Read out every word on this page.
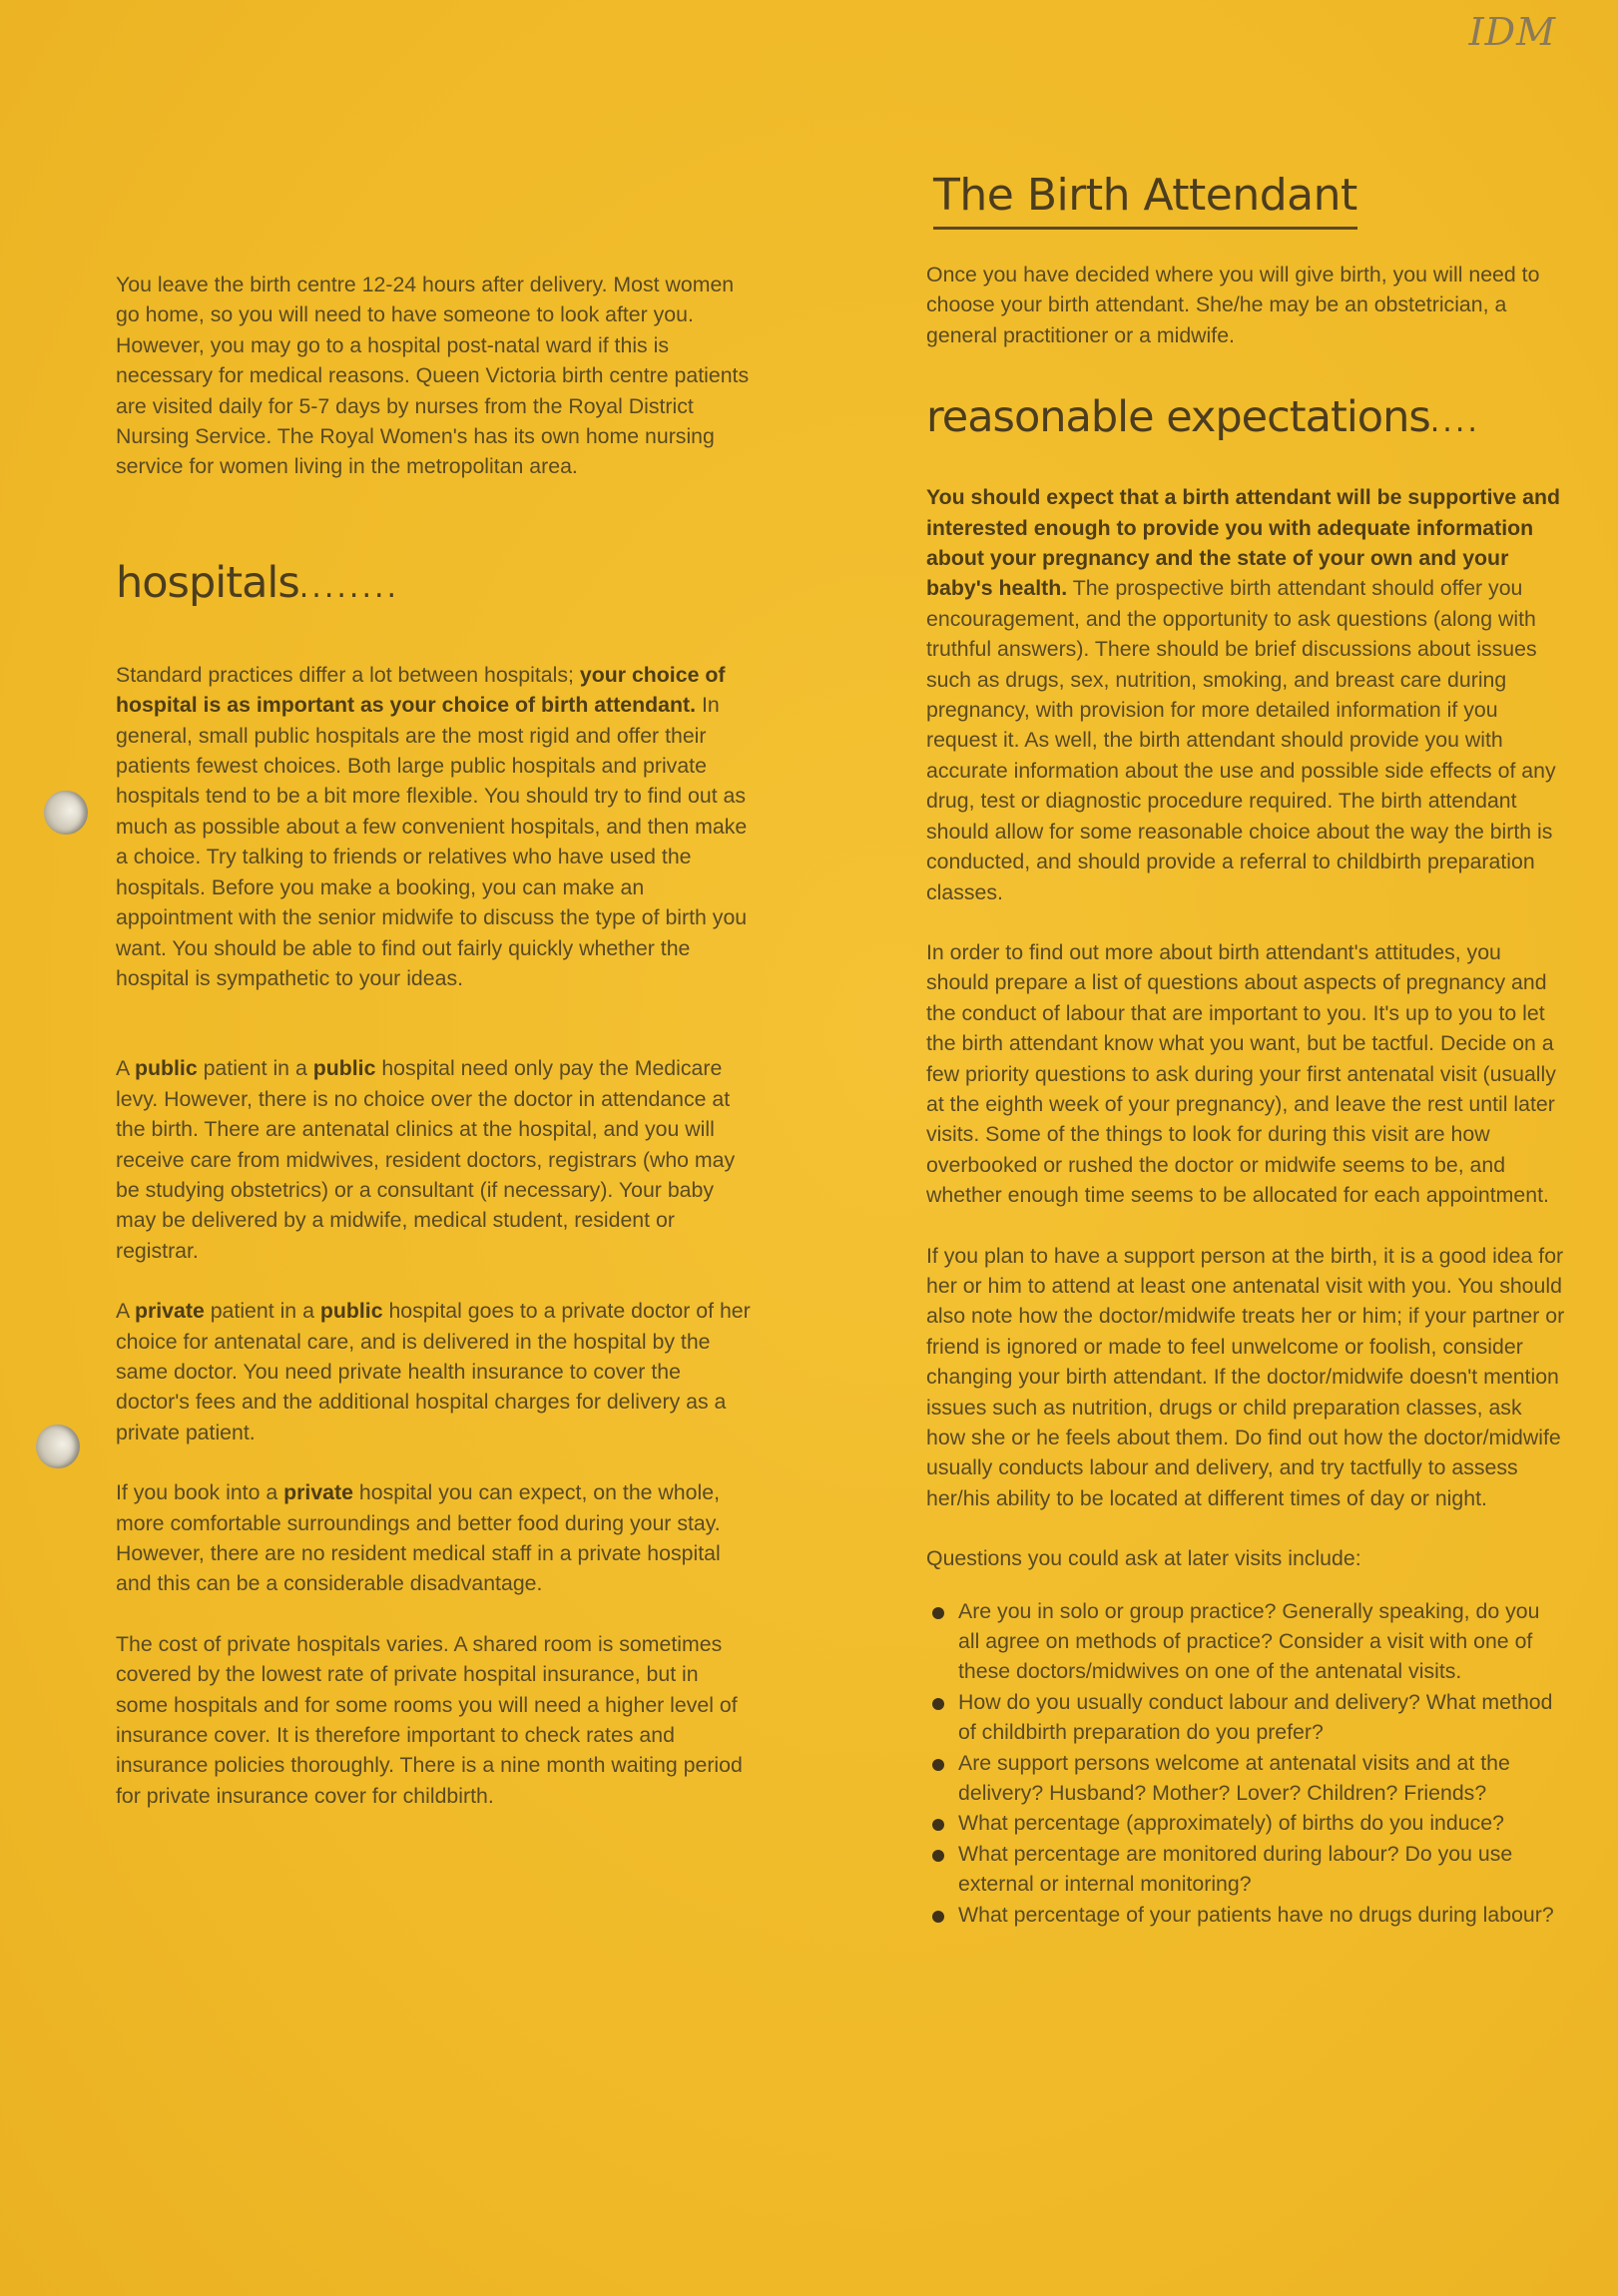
IDM

You leave the birth centre 12-24 hours after delivery. Most women go home, so you will need to have someone to look after you. However, you may go to a hospital post-natal ward if this is necessary for medical reasons. Queen Victoria birth centre patients are visited daily for 5-7 days by nurses from the Royal District Nursing Service. The Royal Women's has its own home nursing service for women living in the metropolitan area.

hospitals........

Standard practices differ a lot between hospitals; your choice of hospital is as important as your choice of birth attendant. In general, small public hospitals are the most rigid and offer their patients fewest choices. Both large public hospitals and private hospitals tend to be a bit more flexible. You should try to find out as much as possible about a few convenient hospitals, and then make a choice. Try talking to friends or relatives who have used the hospitals. Before you make a booking, you can make an appointment with the senior midwife to discuss the type of birth you want. You should be able to find out fairly quickly whether the hospital is sympathetic to your ideas.

A public patient in a public hospital need only pay the Medicare levy. However, there is no choice over the doctor in attendance at the birth. There are antenatal clinics at the hospital, and you will receive care from midwives, resident doctors, registrars (who may be studying obstetrics) or a consultant (if necessary). Your baby may be delivered by a midwife, medical student, resident or registrar.

A private patient in a public hospital goes to a private doctor of her choice for antenatal care, and is delivered in the hospital by the same doctor. You need private health insurance to cover the doctor's fees and the additional hospital charges for delivery as a private patient.

If you book into a private hospital you can expect, on the whole, more comfortable surroundings and better food during your stay. However, there are no resident medical staff in a private hospital and this can be a considerable disadvantage.

The cost of private hospitals varies. A shared room is sometimes covered by the lowest rate of private hospital insurance, but in some hospitals and for some rooms you will need a higher level of insurance cover. It is therefore important to check rates and insurance policies thoroughly. There is a nine month waiting period for private insurance cover for childbirth.

The Birth Attendant

Once you have decided where you will give birth, you will need to choose your birth attendant. She/he may be an obstetrician, a general practitioner or a midwife.

reasonable expectations....

You should expect that a birth attendant will be supportive and interested enough to provide you with adequate information about your pregnancy and the state of your own and your baby's health. The prospective birth attendant should offer you encouragement, and the opportunity to ask questions (along with truthful answers). There should be brief discussions about issues such as drugs, sex, nutrition, smoking, and breast care during pregnancy, with provision for more detailed information if you request it. As well, the birth attendant should provide you with accurate information about the use and possible side effects of any drug, test or diagnostic procedure required. The birth attendant should allow for some reasonable choice about the way the birth is conducted, and should provide a referral to childbirth preparation classes.

In order to find out more about birth attendant's attitudes, you should prepare a list of questions about aspects of pregnancy and the conduct of labour that are important to you. It's up to you to let the birth attendant know what you want, but be tactful. Decide on a few priority questions to ask during your first antenatal visit (usually at the eighth week of your pregnancy), and leave the rest until later visits. Some of the things to look for during this visit are how overbooked or rushed the doctor or midwife seems to be, and whether enough time seems to be allocated for each appointment.

If you plan to have a support person at the birth, it is a good idea for her or him to attend at least one antenatal visit with you. You should also note how the doctor/midwife treats her or him; if your partner or friend is ignored or made to feel unwelcome or foolish, consider changing your birth attendant. If the doctor/midwife doesn't mention issues such as nutrition, drugs or child preparation classes, ask how she or he feels about them. Do find out how the doctor/midwife usually conducts labour and delivery, and try tactfully to assess her/his ability to be located at different times of day or night.

Questions you could ask at later visits include:

Are you in solo or group practice? Generally speaking, do you all agree on methods of practice? Consider a visit with one of these doctors/midwives on one of the antenatal visits.
How do you usually conduct labour and delivery? What method of childbirth preparation do you prefer?
Are support persons welcome at antenatal visits and at the delivery? Husband? Mother? Lover? Children? Friends?
What percentage (approximately) of births do you induce?
What percentage are monitored during labour? Do you use external or internal monitoring?
What percentage of your patients have no drugs during labour?
